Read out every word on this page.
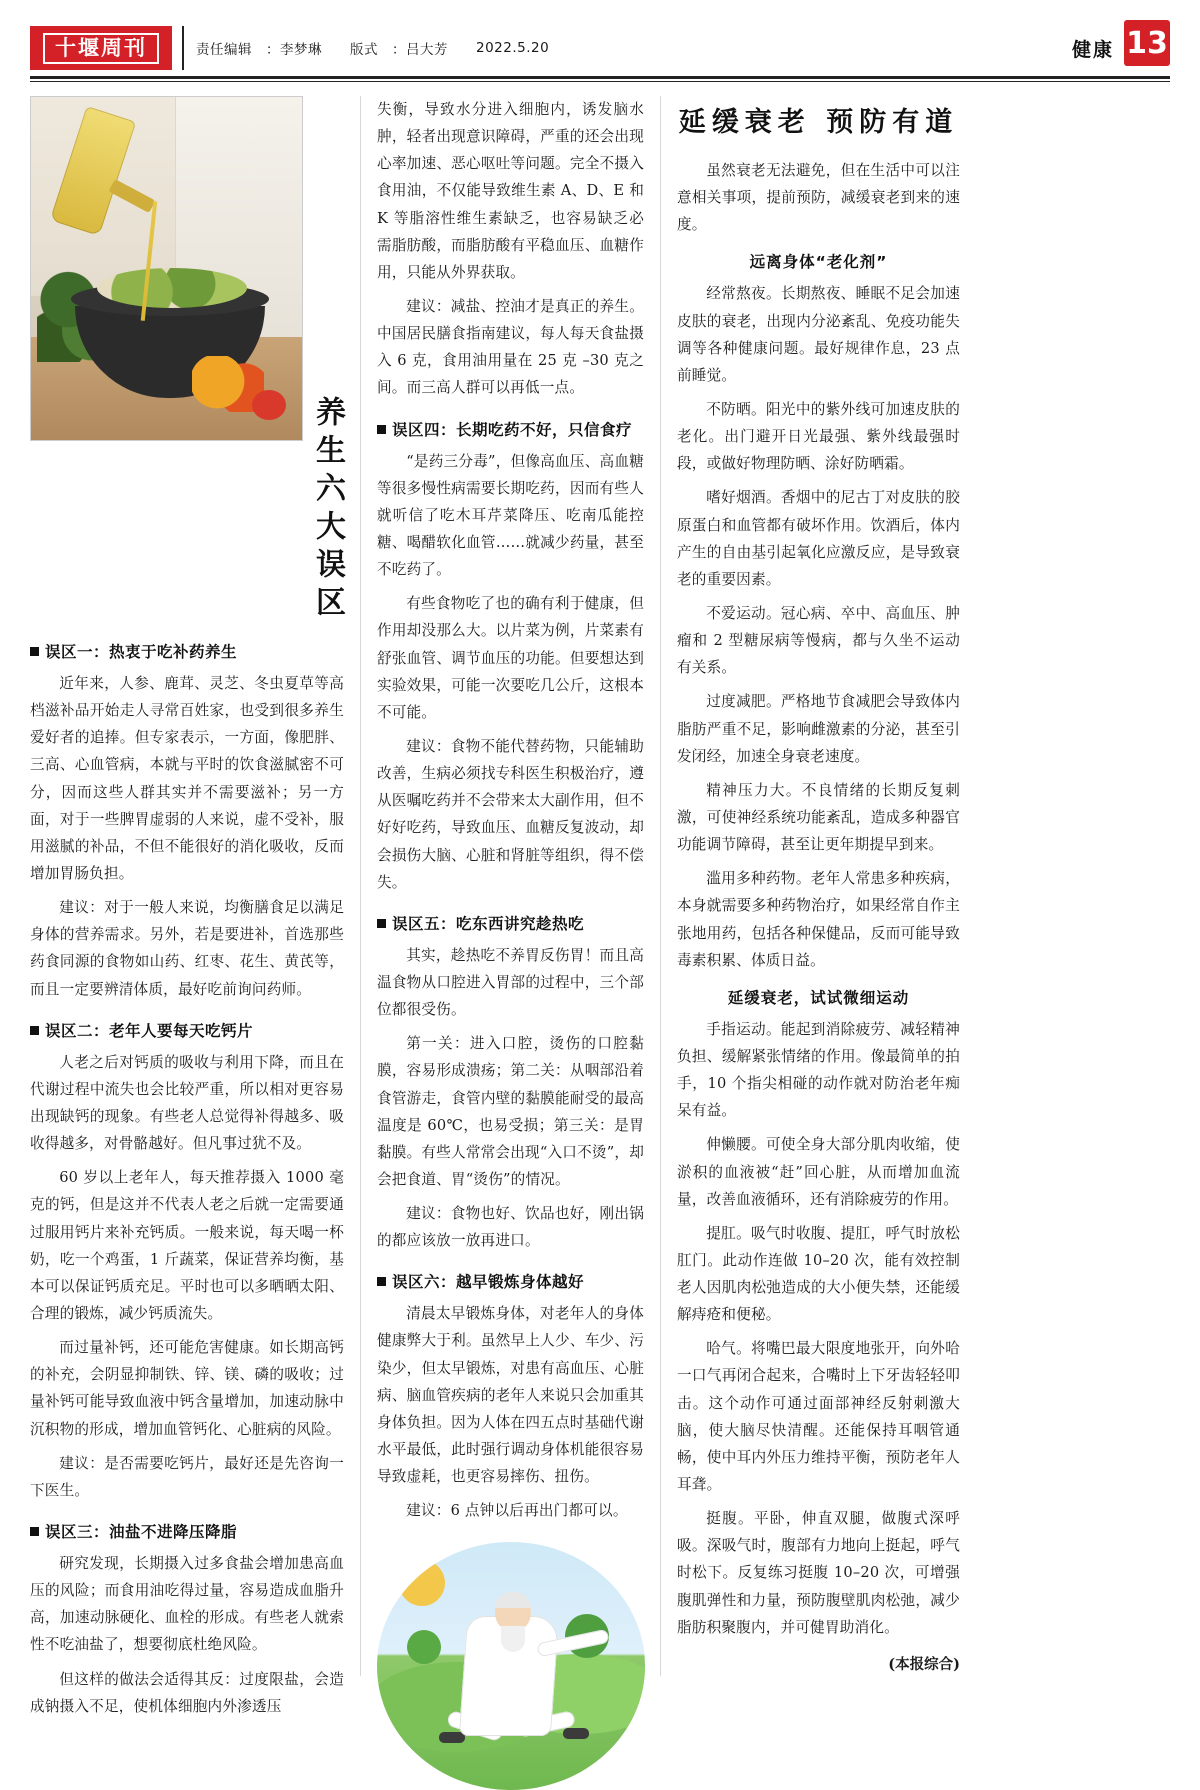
十堰周刊	责任编辑 ：李梦琳	版式 ：吕大芳	2022.5.20	健康 13
养生六大误区
误区一：热衷于吃补药养生

近年来，人参、鹿茸、灵芝、冬虫夏草等高档滋补品开始走人寻常百姓家，也受到很多养生爱好者的追捧。但专家表示，一方面，像肥胖、三高、心血管病，本就与平时的饮食滋腻密不可分，因而这些人群其实并不需要滋补；另一方面，对于一些脾胃虚弱的人来说，虚不受补，服用滋腻的补品，不但不能很好的消化吸收，反而增加胃肠负担。

建议：对于一般人来说，均衡膳食足以满足身体的营养需求。另外，若是要进补，首选那些药食同源的食物如山药、红枣、花生、黄芪等，而且一定要辨清体质，最好吃前询问药师。

误区二：老年人要每天吃钙片

人老之后对钙质的吸收与利用下降，而且在代谢过程中流失也会比较严重，所以相对更容易出现缺钙的现象。有些老人总觉得补得越多、吸收得越多，对骨骼越好。但凡事过犹不及。

60 岁以上老年人，每天推荐摄入 1000 毫克的钙，但是这并不代表人老之后就一定需要通过服用钙片来补充钙质。一般来说，每天喝一杯奶，吃一个鸡蛋，1 斤蔬菜，保证营养均衡，基本可以保证钙质充足。平时也可以多晒晒太阳、合理的锻炼，减少钙质流失。

而过量补钙，还可能危害健康。如长期高钙的补充，会阴显抑制铁、锌、镁、磷的吸收；过量补钙可能导致血液中钙含量增加，加速动脉中沉积物的形成，增加血管钙化、心脏病的风险。

建议：是否需要吃钙片，最好还是先咨询一下医生。

误区三：油盐不进降压降脂

研究发现，长期摄入过多食盐会增加患高血压的风险；而食用油吃得过量，容易造成血脂升高，加速动脉硬化、血栓的形成。有些老人就索性不吃油盐了，想要彻底杜绝风险。

但这样的做法会适得其反：过度限盐，会造成钠摄入不足，使机体细胞内外渗透压

失衡，导致水分进入细胞内，诱发脑水肿，轻者出现意识障碍，严重的还会出现心率加速、恶心呕吐等问题。完全不摄入食用油，不仅能导致维生素 A、D、E 和 K 等脂溶性维生素缺乏，也容易缺乏必需脂肪酸，而脂肪酸有平稳血压、血糖作用，只能从外界获取。

建议：减盐、控油才是真正的养生。中国居民膳食指南建议，每人每天食盐摄入 6 克，食用油用量在 25 克 –30 克之间。而三高人群可以再低一点。

误区四：长期吃药不好，只信食疗

“是药三分毒”，但像高血压、高血糖等很多慢性病需要长期吃药，因而有些人就听信了吃木耳芹菜降压、吃南瓜能控糖、喝醋软化血管……就减少药量，甚至不吃药了。

有些食物吃了也的确有利于健康，但作用却没那么大。以片菜为例，片菜素有舒张血管、调节血压的功能。但要想达到实验效果，可能一次要吃几公斤，这根本不可能。

建议：食物不能代替药物，只能辅助改善，生病必须找专科医生积极治疗，遵从医嘱吃药并不会带来太大副作用，但不好好吃药，导致血压、血糖反复波动，却会损伤大脑、心脏和肾脏等组织，得不偿失。

误区五：吃东西讲究趁热吃

其实，趁热吃不养胃反伤胃！而且高温食物从口腔进入胃部的过程中，三个部位都很受伤。

第一关：进入口腔，烫伤的口腔黏膜，容易形成溃疡；第二关：从咽部沿着食管游走，食管内壁的黏膜能耐受的最高温度是 60℃，也易受损；第三关：是胃黏膜。有些人常常会出现“入口不烫”，却会把食道、胃“烫伤”的情况。

建议：食物也好、饮品也好，刚出锅的都应该放一放再进口。

误区六：越早锻炼身体越好

清晨太早锻炼身体，对老年人的身体健康弊大于利。虽然早上人少、车少、污染少，但太早锻炼，对患有高血压、心脏病、脑血管疾病的老年人来说只会加重其身体负担。因为人体在四五点时基础代谢水平最低，此时强行调动身体机能很容易导致虚耗，也更容易摔伤、扭伤。

建议：6 点钟以后再出门都可以。

延缓衰老 预防有道

虽然衰老无法避免，但在生活中可以注意相关事项，提前预防，减缓衰老到来的速度。

远离身体“老化剂”

经常熬夜。长期熬夜、睡眠不足会加速皮肤的衰老，出现内分泌紊乱、免疫功能失调等各种健康问题。最好规律作息，23 点前睡觉。

不防晒。阳光中的紫外线可加速皮肤的老化。出门避开日光最强、紫外线最强时段，或做好物理防晒、涂好防晒霜。

嗜好烟酒。香烟中的尼古丁对皮肤的胶原蛋白和血管都有破坏作用。饮酒后，体内产生的自由基引起氧化应激反应，是导致衰老的重要因素。

不爱运动。冠心病、卒中、高血压、肿瘤和 2 型糖尿病等慢病，都与久坐不运动有关系。

过度减肥。严格地节食减肥会导致体内脂肪严重不足，影响雌激素的分泌，甚至引发闭经，加速全身衰老速度。

精神压力大。不良情绪的长期反复刺激，可使神经系统功能紊乱，造成多种器官功能调节障碍，甚至让更年期提早到来。

滥用多种药物。老年人常患多种疾病，本身就需要多种药物治疗，如果经常自作主张地用药，包括各种保健品，反而可能导致毒素积累、体质日益。

延缓衰老，试试微细运动

手指运动。能起到消除疲劳、减轻精神负担、缓解紧张情绪的作用。像最简单的拍手，10 个指尖相碰的动作就对防治老年痴呆有益。

伸懒腰。可使全身大部分肌肉收缩，使淤积的血液被“赶”回心脏，从而增加血流量，改善血液循环，还有消除疲劳的作用。

提肛。吸气时收腹、提肛，呼气时放松肛门。此动作连做 10–20 次，能有效控制老人因肌肉松弛造成的大小便失禁，还能缓解痔疮和便秘。

哈气。将嘴巴最大限度地张开，向外哈一口气再闭合起来，合嘴时上下牙齿轻轻叩击。这个动作可通过面部神经反射刺激大脑，使大脑尽快清醒。还能保持耳咽管通畅，使中耳内外压力维持平衡，预防老年人耳聋。

挺腹。平卧，伸直双腿，做腹式深呼吸。深吸气时，腹部有力地向上挺起，呼气时松下。反复练习挺腹 10–20 次，可增强腹肌弹性和力量，预防腹壁肌肉松弛，减少脂肪积聚腹内，并可健胃助消化。

(本报综合)
